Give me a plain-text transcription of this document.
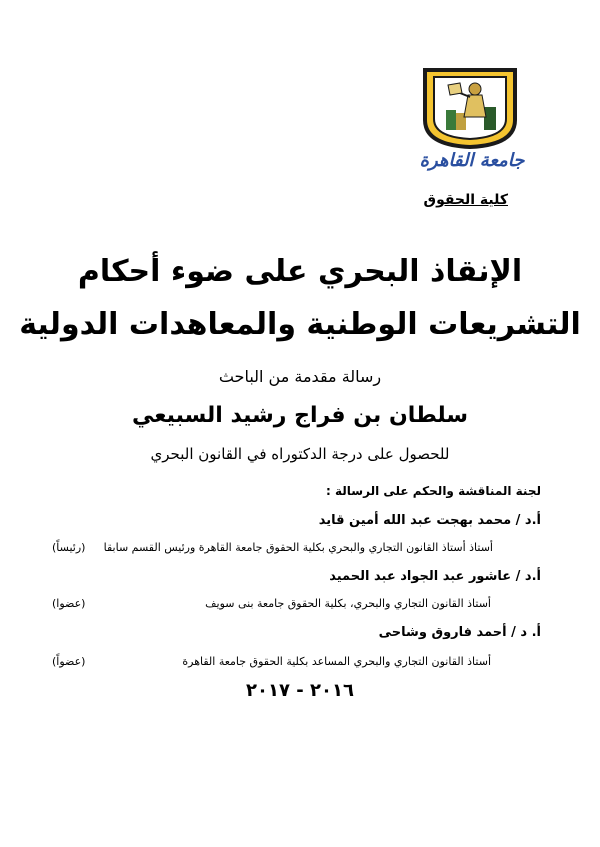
جامعة القاهرة
كلية الحقوق
الإنقاذ البحري على ضوء أحكام
التشريعات الوطنية والمعاهدات الدولية
رسالة مقدمة من الباحث
سلطان بن فراج رشيد السبيعي
للحصول على درجة الدكتوراه في القانون البحري
لجنة المناقشة والحكم على الرسالة :
أ.د / محمد بهجت عبد الله أمين قايد
أستاذ أستاذ القانون التجاري والبحري بكلية الحقوق جامعة القاهرة ورئيس القسم سابقا
(رئيساً)
أ.د / عاشور عبد الجواد عبد الحميد
أستاذ القانون التجاري والبحري، بكلية الحقوق جامعة بنى سويف
(عضوا)
أ. د / أحمد فاروق وشاحى
أستاذ القانون التجاري والبحري المساعد بكلية الحقوق جامعة القاهرة
(عضواً)
٢٠١٦ - ٢٠١٧
